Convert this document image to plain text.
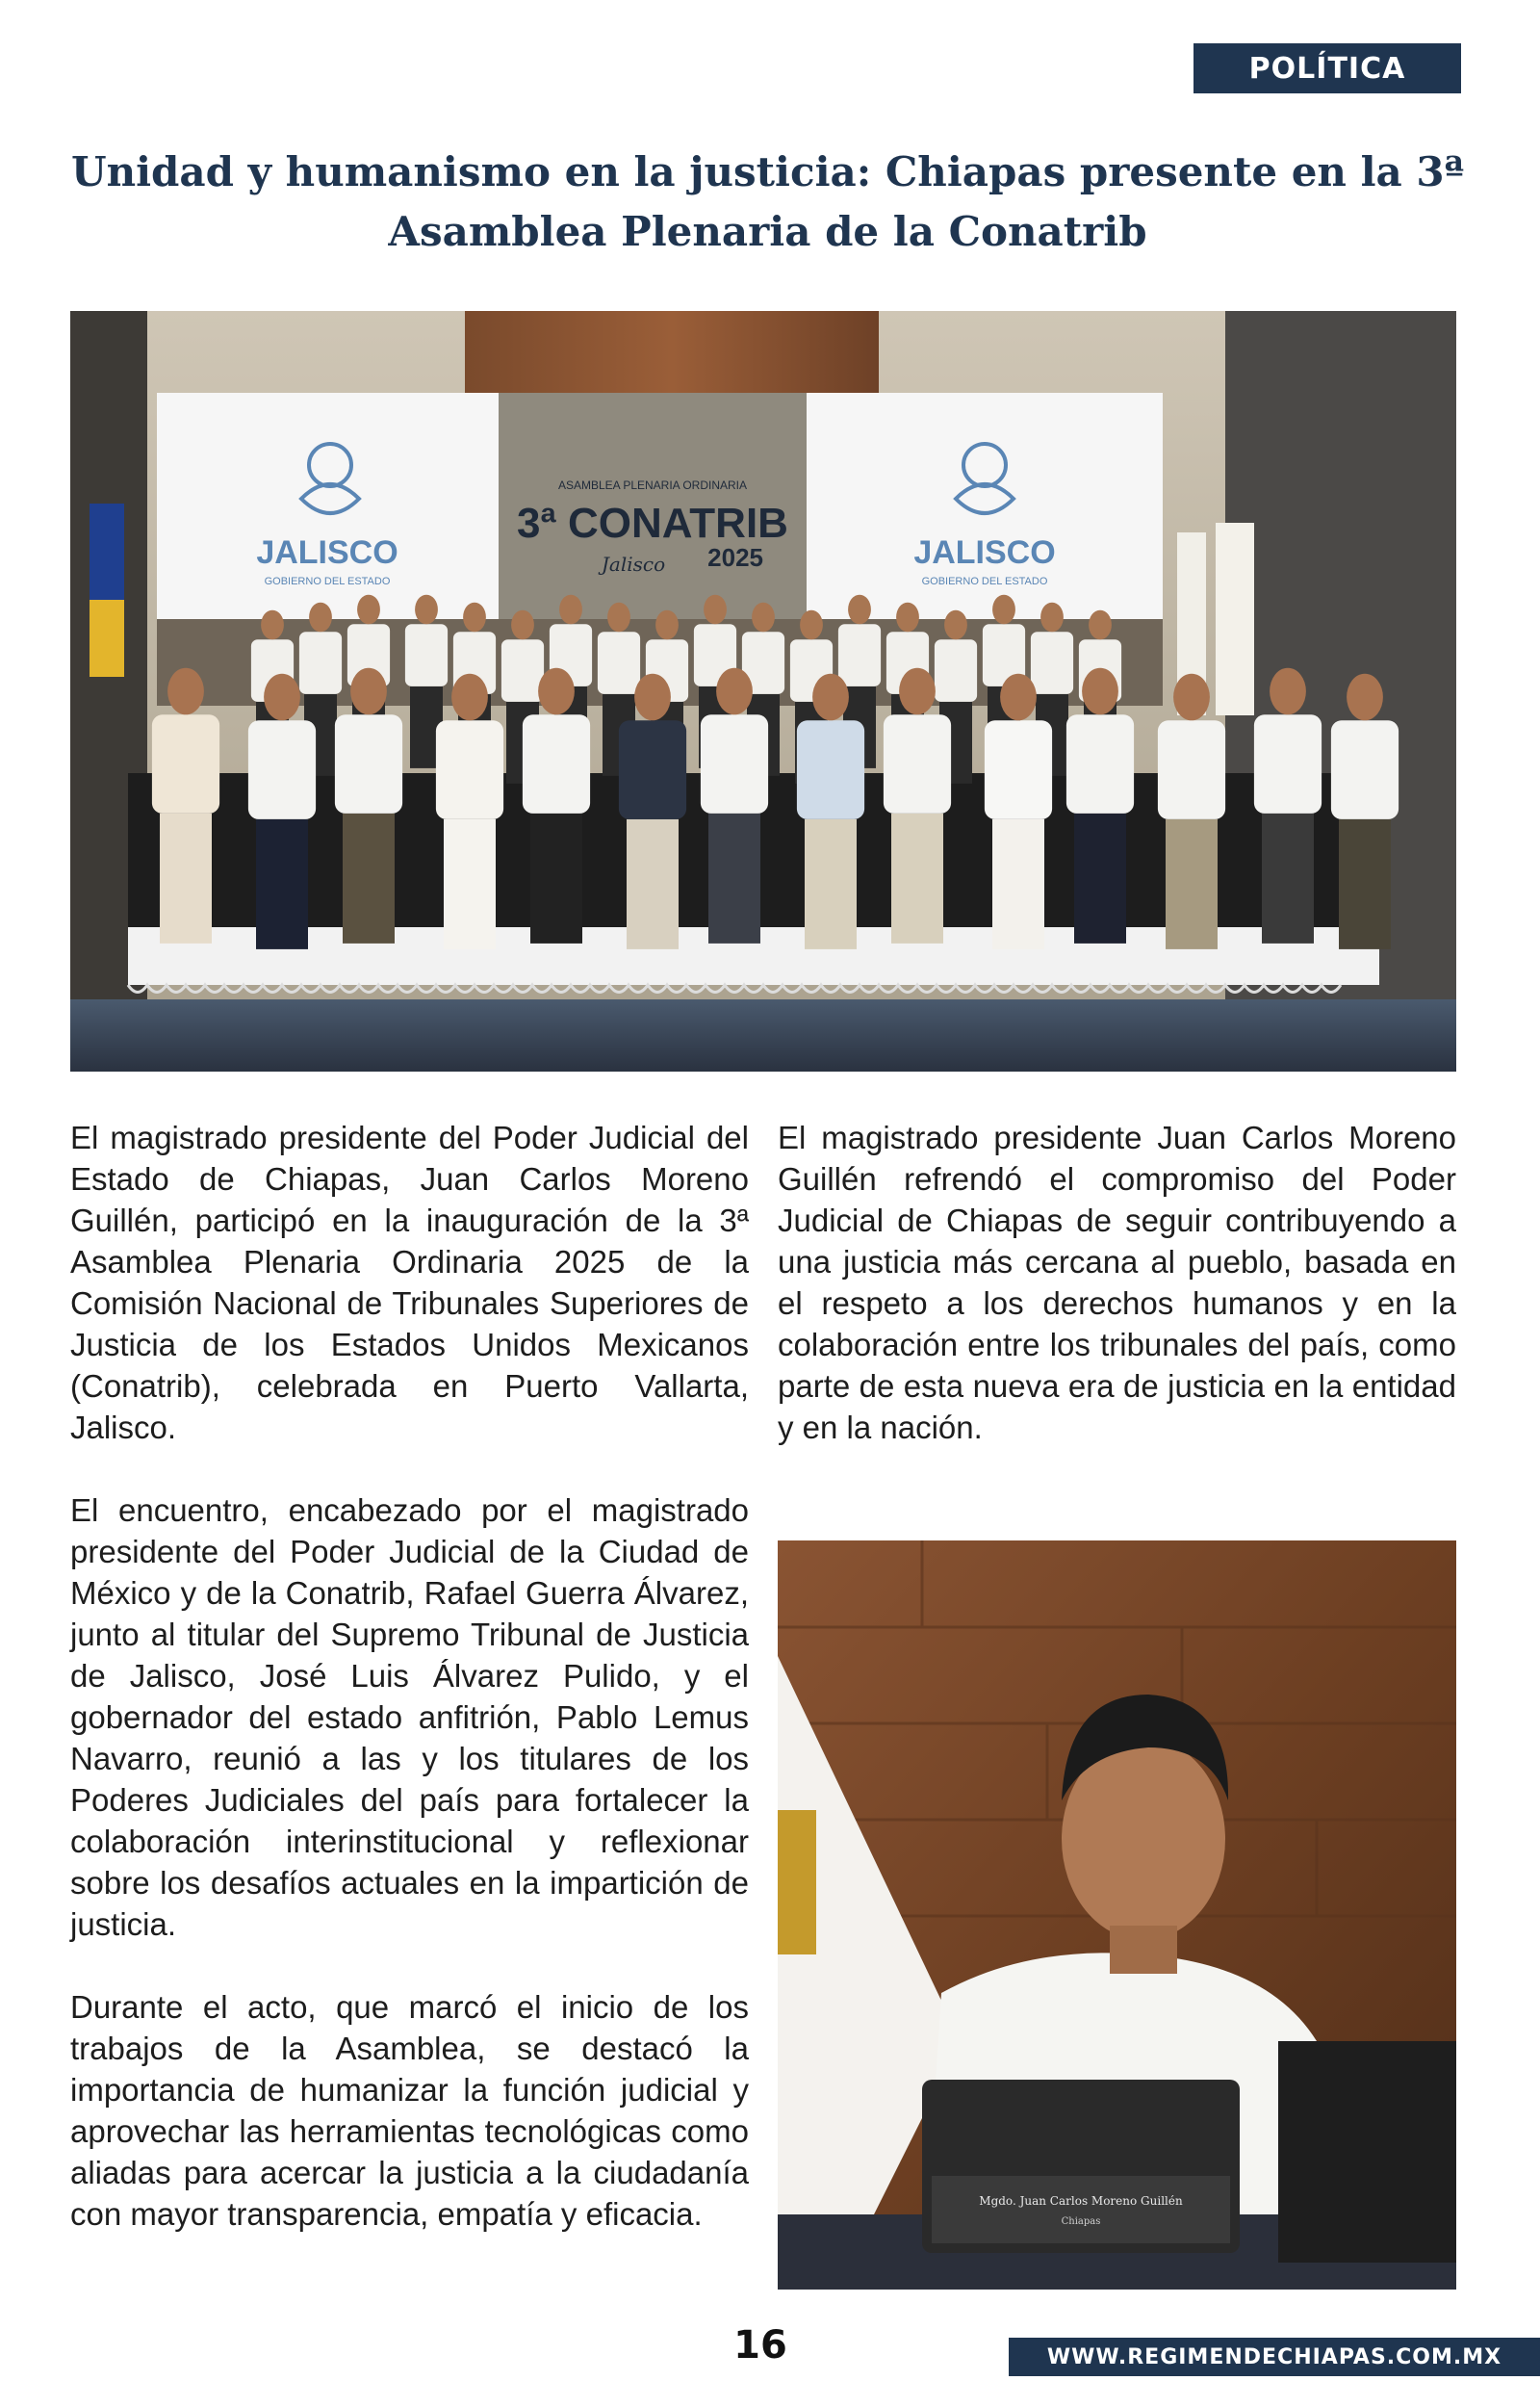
POLÍTICA
Unidad y humanismo en la justicia: Chiapas presente en la 3ª Asamblea Plenaria de la Conatrib
JALISCO
GOBIERNO DEL ESTADO
JALISCO
GOBIERNO DEL ESTADO
ASAMBLEA PLENARIA ORDINARIA
3ª CONATRIB
Jalisco 2025

El magistrado presidente del Poder Judicial del Estado de Chiapas, Juan Carlos Moreno Guillén, participó en la inauguración de la 3ª Asamblea Plenaria Ordinaria 2025 de la Comisión Nacional de Tribunales Superiores de Justicia de los Estados Unidos Mexicanos (Conatrib), celebrada en Puerto Vallarta, Jalisco.

El encuentro, encabezado por el magistrado presidente del Poder Judicial de la Ciudad de México y de la Conatrib, Rafael Guerra Álvarez, junto al titular del Supremo Tribunal de Justicia de Jalisco, José Luis Álvarez Pulido, y el gobernador del estado anfitrión, Pablo Lemus Navarro, reunió a las y los titulares de los Poderes Judiciales del país para fortalecer la colaboración interinstitucional y reflexionar sobre los desafíos actuales en la impartición de justicia.

Durante el acto, que marcó el inicio de los trabajos de la Asamblea, se destacó la importancia de humanizar la función judicial y aprovechar las herramientas tecnológicas como aliadas para acercar la justicia a la ciudadanía con mayor transparencia, empatía y eficacia.

El magistrado presidente Juan Carlos Moreno Guillén refrendó el compromiso del Poder Judicial de Chiapas de seguir contribuyendo a una justicia más cercana al pueblo, basada en el respeto a los derechos humanos y en la colaboración entre los tribunales del país, como parte de esta nueva era de justicia en la entidad y en la nación.

Mgdo. Juan Carlos Moreno Guillén
Chiapas
16	WWW.REGIMENDECHIAPAS.COM.MX
